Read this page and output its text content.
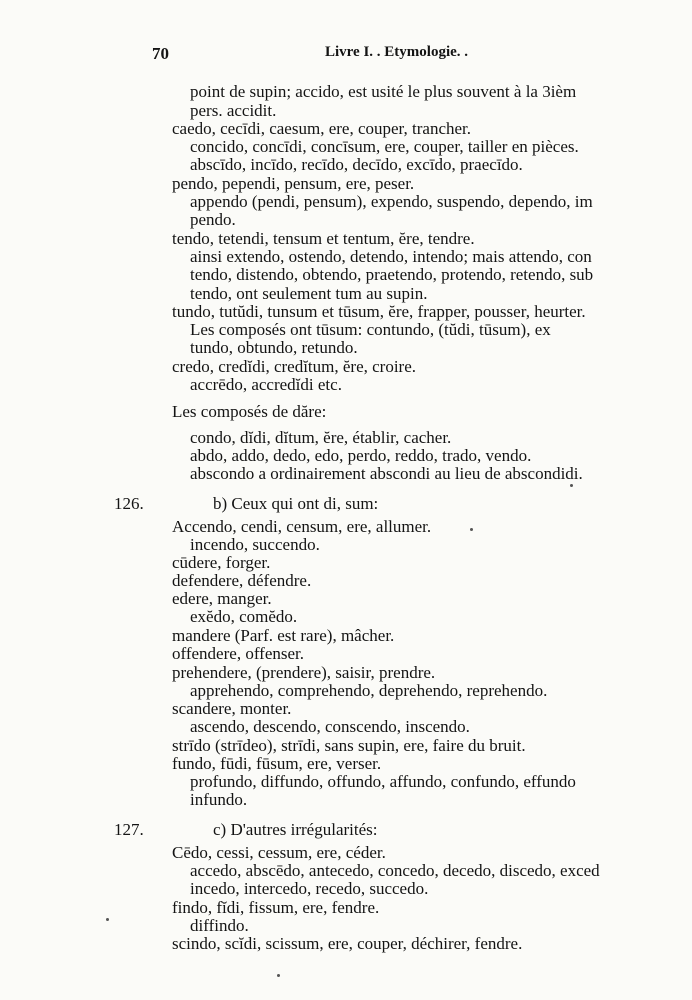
70	Livre I. . Etymologie. .
point de supin; accido, est usité le plus souvent à la 3ièm
pers. accidit.
caedo, cecīdi, caesum, ere, couper, trancher.
concido, concīdi, concīsum, ere, couper, tailler en pièces.
abscīdo, incīdo, recīdo, decīdo, excīdo, praecīdo.
pendo, pependi, pensum, ere, peser.
appendo (pendi, pensum), expendo, suspendo, dependo, im
pendo.
tendo, tetendi, tensum et tentum, ĕre, tendre.
ainsi extendo, ostendo, detendo, intendo; mais attendo, con
tendo, distendo, obtendo, praetendo, protendo, retendo, sub
tendo, ont seulement tum au supin.
tundo, tutŭdi, tunsum et tūsum, ĕre, frapper, pousser, heurter.
Les composés ont tūsum: contundo, (tŭdi, tūsum), ex
tundo, obtundo, retundo.
credo, credĭdi, credĭtum, ĕre, croire.
accrēdo, accredĭdi etc.
Les composés de dăre:
condo, dĭdi, dĭtum, ĕre, établir, cacher.
abdo, addo, dedo, edo, perdo, reddo, trado, vendo.
abscondo a ordinairement abscondi au lieu de abscondidi.
126.	b) Ceux qui ont di, sum:
Accendo, cendi, censum, ere, allumer.
incendo, succendo.
cūdere, forger.
defendere, défendre.
edere, manger.
exĕdo, comĕdo.
mandere (Parf. est rare), mâcher.
offendere, offenser.
prehendere, (prendere), saisir, prendre.
apprehendo, comprehendo, deprehendo, reprehendo.
scandere, monter.
ascendo, descendo, conscendo, inscendo.
strīdo (strīdeo), strīdi, sans supin, ere, faire du bruit.
fundo, fūdi, fūsum, ere, verser.
profundo, diffundo, offundo, affundo, confundo, effundo
infundo.
127.	c) D'autres irrégularités:
Cēdo, cessi, cessum, ere, céder.
accedo, abscēdo, antecedo, concedo, decedo, discedo, exced
incedo, intercedo, recedo, succedo.
findo, fĭdi, fissum, ere, fendre.
diffindo.
scindo, scĭdi, scissum, ere, couper, déchirer, fendre.
